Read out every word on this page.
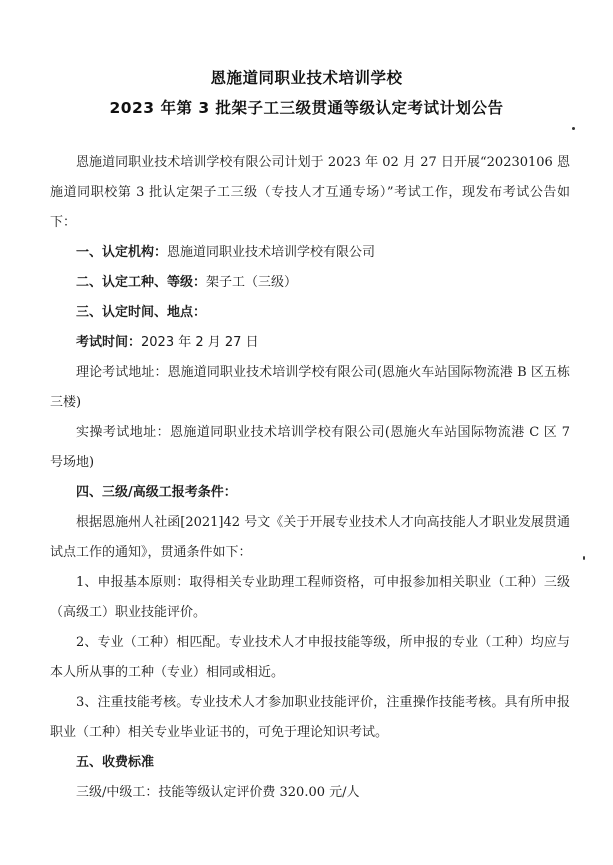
恩施道同职业技术培训学校
2023 年第 3 批架子工三级贯通等级认定考试计划公告

恩施道同职业技术培训学校有限公司计划于 2023 年 02 月 27 日开展“20230106 恩施道同职校第 3 批认定架子工三级（专技人才互通专场）”考试工作，现发布考试公告如下：

一、认定机构：恩施道同职业技术培训学校有限公司

二、认定工种、等级：架子工（三级）

三、认定时间、地点：

考试时间：2023 年 2 月 27 日

理论考试地址：恩施道同职业技术培训学校有限公司(恩施火车站国际物流港 B 区五栋三楼)

实操考试地址：恩施道同职业技术培训学校有限公司(恩施火车站国际物流港 C 区 7 号场地)

四、三级/高级工报考条件：

根据恩施州人社函[2021]42 号文《关于开展专业技术人才向高技能人才职业发展贯通试点工作的通知》，贯通条件如下：

1、申报基本原则：取得相关专业助理工程师资格，可申报参加相关职业（工种）三级（高级工）职业技能评价。

2、专业（工种）相匹配。专业技术人才申报技能等级，所申报的专业（工种）均应与本人所从事的工种（专业）相同或相近。

3、注重技能考核。专业技术人才参加职业技能评价，注重操作技能考核。具有所申报职业（工种）相关专业毕业证书的，可免于理论知识考试。

五、收费标准

三级/中级工：技能等级认定评价费 320.00 元/人
